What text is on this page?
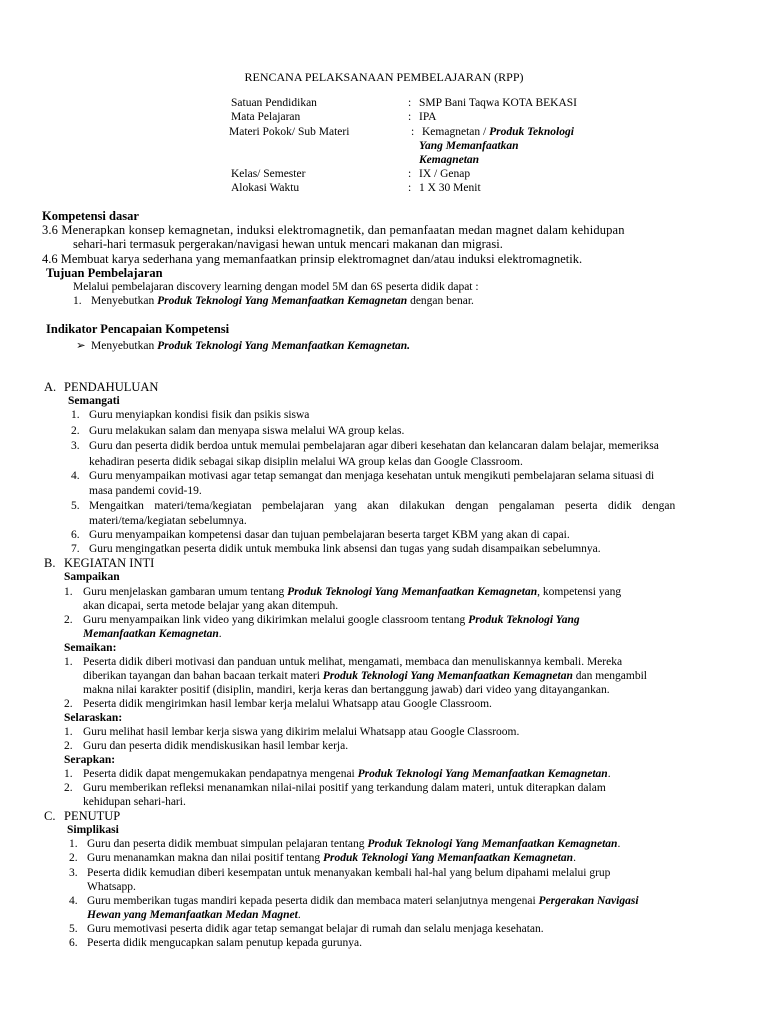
RENCANA PELAKSANAAN PEMBELAJARAN (RPP)
Satuan Pendidikan	: SMP Bani Taqwa KOTA BEKASI
Mata Pelajaran	: IPA
Materi Pokok/ Sub Materi	: Kemagnetan / Produk Teknologi
Yang Memanfaatkan
Kemagnetan
Kelas/ Semester	: IX / Genap
Alokasi Waktu	: 1 X 30 Menit
Kompetensi dasar
3.6 Menerapkan konsep kemagnetan, induksi elektromagnetik, dan pemanfaatan medan magnet dalam kehidupan
sehari-hari termasuk pergerakan/navigasi hewan untuk mencari makanan dan migrasi.
4.6 Membuat karya sederhana yang memanfaatkan prinsip elektromagnet dan/atau induksi elektromagnetik.
Tujuan Pembelajaran
Melalui pembelajaran discovery learning dengan model 5M dan 6S peserta didik dapat :
1. Menyebutkan Produk Teknologi Yang Memanfaatkan Kemagnetan dengan benar.
Indikator Pencapaian Kompetensi
➢ Menyebutkan Produk Teknologi Yang Memanfaatkan Kemagnetan.
A. PENDAHULUAN
Semangati
1. Guru menyiapkan kondisi fisik dan psikis siswa
2. Guru melakukan salam dan menyapa siswa melalui WA group kelas.
3. Guru dan peserta didik berdoa untuk memulai pembelajaran agar diberi kesehatan dan kelancaran dalam belajar, memeriksa
kehadiran peserta didik sebagai sikap disiplin melalui WA group kelas dan Google Classroom.
4. Guru menyampaikan motivasi agar tetap semangat dan menjaga kesehatan untuk mengikuti pembelajaran selama situasi di
masa pandemi covid-19.
5. Mengaitkan materi/tema/kegiatan pembelajaran yang akan dilakukan dengan pengalaman peserta didik dengan
materi/tema/kegiatan sebelumnya.
6. Guru menyampaikan kompetensi dasar dan tujuan pembelajaran beserta target KBM yang akan di capai.
7. Guru mengingatkan peserta didik untuk membuka link absensi dan tugas yang sudah disampaikan sebelumnya.
B. KEGIATAN INTI
Sampaikan
1. Guru menjelaskan gambaran umum tentang Produk Teknologi Yang Memanfaatkan Kemagnetan, kompetensi yang
akan dicapai, serta metode belajar yang akan ditempuh.
2. Guru menyampaikan link video yang dikirimkan melalui google classroom tentang Produk Teknologi Yang
Memanfaatkan Kemagnetan.
Semaikan:
1. Peserta didik diberi motivasi dan panduan untuk melihat, mengamati, membaca dan menuliskannya kembali. Mereka
diberikan tayangan dan bahan bacaan terkait materi Produk Teknologi Yang Memanfaatkan Kemagnetan dan mengambil
makna nilai karakter positif (disiplin, mandiri, kerja keras dan bertanggung jawab) dari video yang ditayangankan.
2. Peserta didik mengirimkan hasil lembar kerja melalui Whatsapp atau Google Classroom.
Selaraskan:
1. Guru melihat hasil lembar kerja siswa yang dikirim melalui Whatsapp atau Google Classroom.
2. Guru dan peserta didik mendiskusikan hasil lembar kerja.
Serapkan:
1. Peserta didik dapat mengemukakan pendapatnya mengenai Produk Teknologi Yang Memanfaatkan Kemagnetan.
2. Guru memberikan refleksi menanamkan nilai-nilai positif yang terkandung dalam materi, untuk diterapkan dalam
kehidupan sehari-hari.
C. PENUTUP
Simplikasi
1. Guru dan peserta didik membuat simpulan pelajaran tentang Produk Teknologi Yang Memanfaatkan Kemagnetan.
2. Guru menanamkan makna dan nilai positif tentang Produk Teknologi Yang Memanfaatkan Kemagnetan.
3. Peserta didik kemudian diberi kesempatan untuk menanyakan kembali hal-hal yang belum dipahami melalui grup
Whatsapp.
4. Guru memberikan tugas mandiri kepada peserta didik dan membaca materi selanjutnya mengenai Pergerakan Navigasi
Hewan yang Memanfaatkan Medan Magnet.
5. Guru memotivasi peserta didik agar tetap semangat belajar di rumah dan selalu menjaga kesehatan.
6. Peserta didik mengucapkan salam penutup kepada gurunya.
